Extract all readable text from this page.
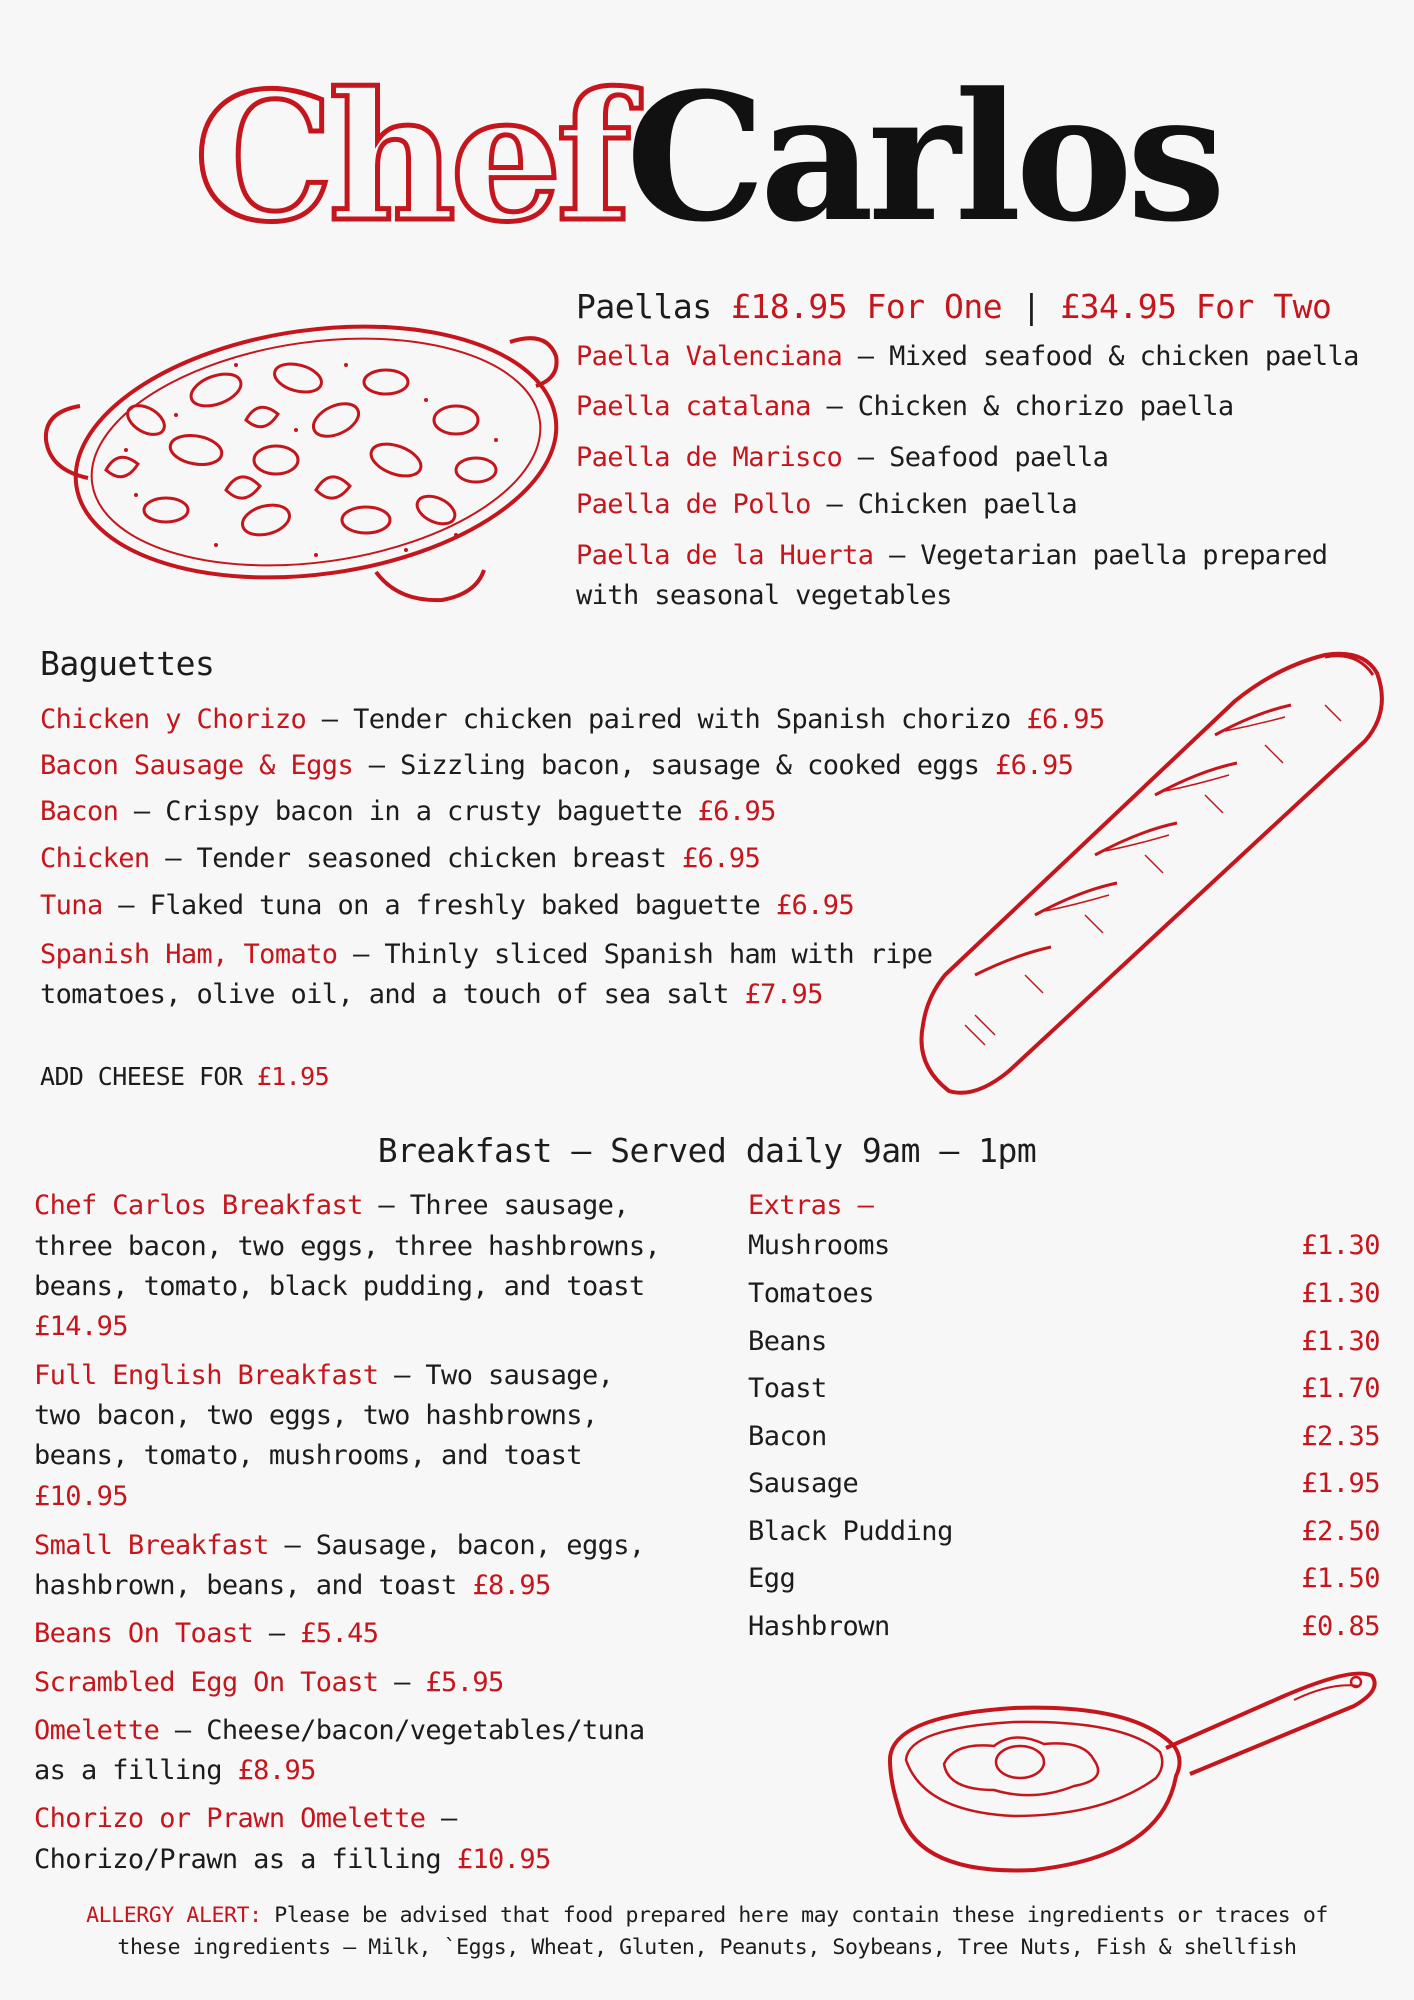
ChefCarlos
Paellas £18.95 For One | £34.95 For Two
Paella Valenciana – Mixed seafood & chicken paella
Paella catalana – Chicken & chorizo paella
Paella de Marisco – Seafood paella
Paella de Pollo – Chicken paella
Paella de la Huerta – Vegetarian paella prepared
with seasonal vegetables
Baguettes
Chicken y Chorizo – Tender chicken paired with Spanish chorizo £6.95
Bacon Sausage & Eggs – Sizzling bacon, sausage & cooked eggs £6.95
Bacon – Crispy bacon in a crusty baguette £6.95
Chicken – Tender seasoned chicken breast £6.95
Tuna – Flaked tuna on a freshly baked baguette £6.95
Spanish Ham, Tomato – Thinly sliced Spanish ham with ripe
tomatoes, olive oil, and a touch of sea salt £7.95
ADD CHEESE FOR £1.95
Breakfast – Served daily 9am – 1pm
Chef Carlos Breakfast – Three sausage,
three bacon, two eggs, three hashbrowns,
beans, tomato, black pudding, and toast
£14.95
Full English Breakfast – Two sausage,
two bacon, two eggs, two hashbrowns,
beans, tomato, mushrooms, and toast
£10.95
Small Breakfast – Sausage, bacon, eggs,
hashbrown, beans, and toast £8.95
Beans On Toast – £5.45
Scrambled Egg On Toast – £5.95
Omelette – Cheese/bacon/vegetables/tuna
as a filling £8.95
Chorizo or Prawn Omelette –
Chorizo/Prawn as a filling £10.95
Extras –
Mushrooms	£1.30
Tomatoes	£1.30
Beans	£1.30
Toast	£1.70
Bacon	£2.35
Sausage	£1.95
Black Pudding	£2.50
Egg	£1.50
Hashbrown	£0.85
ALLERGY ALERT: Please be advised that food prepared here may contain these ingredients or traces of
these ingredients – Milk, `Eggs, Wheat, Gluten, Peanuts, Soybeans, Tree Nuts, Fish & shellfish
